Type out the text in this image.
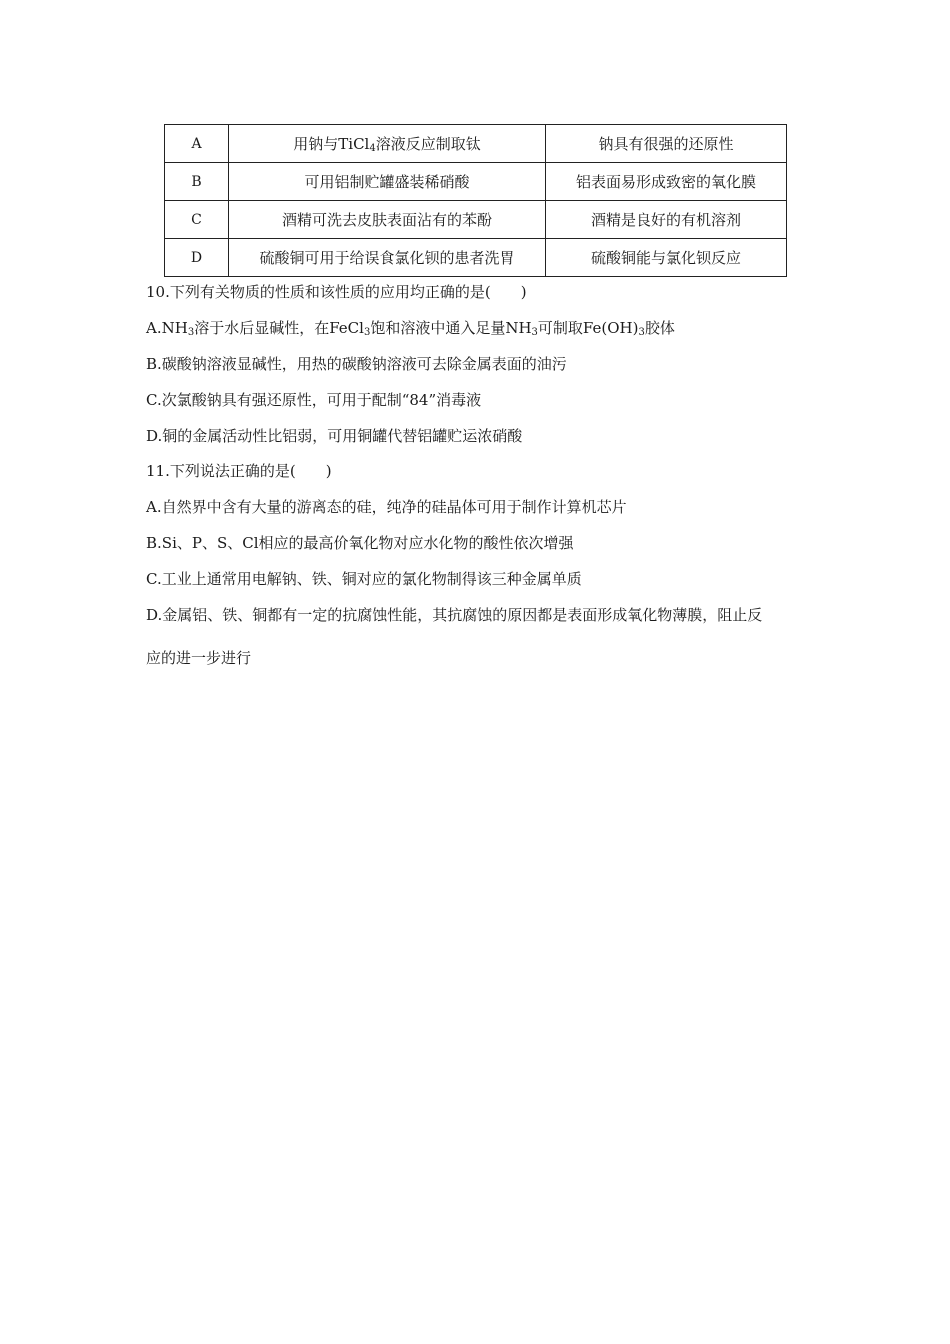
A	用钠与TiCl$_4$溶液反应制取钛	钠具有很强的还原性
B	可用铝制贮罐盛装稀硝酸	铝表面易形成致密的氧化膜
C	酒精可洗去皮肤表面沾有的苯酚	酒精是良好的有机溶剂
D	硫酸铜可用于给误食氯化钡的患者洗胃	硫酸铜能与氯化钡反应
10.下列有关物质的性质和该性质的应用均正确的是(　　)
$A.NH_3$溶于水后显碱性，在FeCl$_3$饱和溶液中通入足量$NH_3$可制取$Fe(OH)_3$胶体
B.碳酸钠溶液显碱性，用热的碳酸钠溶液可去除金属表面的油污
C.次氯酸钠具有强还原性，可用于配制“84”消毒液
D.铜的金属活动性比铝弱，可用铜罐代替铝罐贮运浓硝酸
11.下列说法正确的是(　　)
A.自然界中含有大量的游离态的硅，纯净的硅晶体可用于制作计算机芯片
B.Si、P、S、Cl相应的最高价氧化物对应水化物的酸性依次增强
C.工业上通常用电解钠、铁、铜对应的氯化物制得该三种金属单质
D.金属铝、铁、铜都有一定的抗腐蚀性能，其抗腐蚀的原因都是表面形成氧化物薄膜，阻止反
应的进一步进行
